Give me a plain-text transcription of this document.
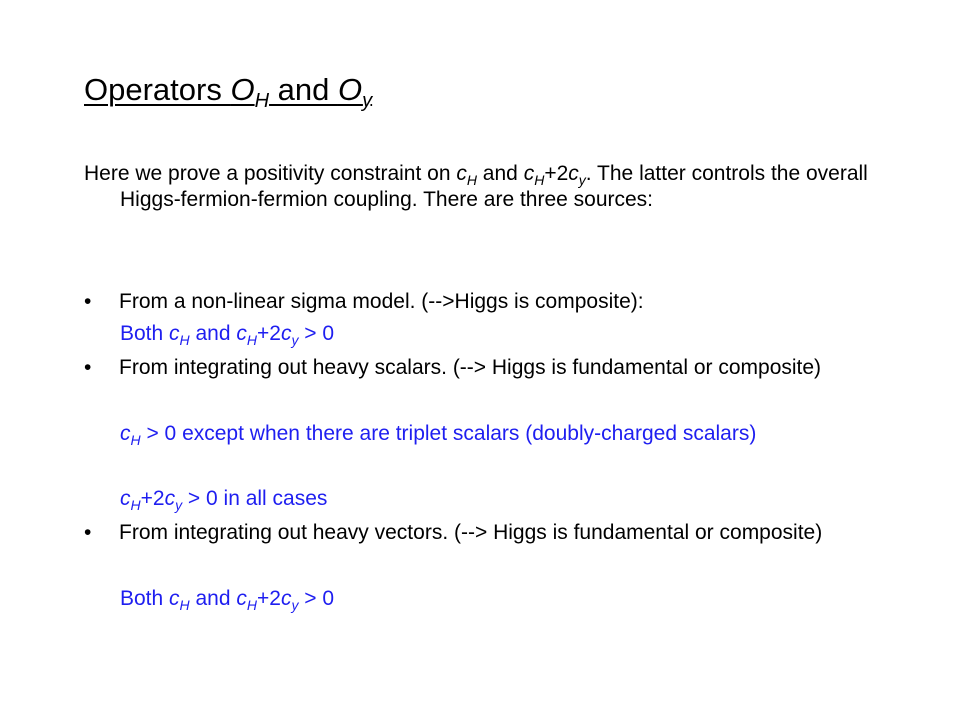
Operators $O_H$ and $O_y$
Here we prove a positivity constraint on $c_H$ and $c_H+2c_y$. The latter controls the overall Higgs-fermion-fermion coupling. There are three sources:
•	From a non-linear sigma model. (-->Higgs is composite):
Both $c_H$ and $c_H+2c_y > 0$
•	From integrating out heavy scalars. (--> Higgs is fundamental or composite)
$c_H > 0$ except when there are triplet scalars (doubly-charged scalars)
$c_H+2c_y > 0$ in all cases
•	From integrating out heavy vectors. (--> Higgs is fundamental or composite)
Both $c_H$ and $c_H+2c_y > 0$
